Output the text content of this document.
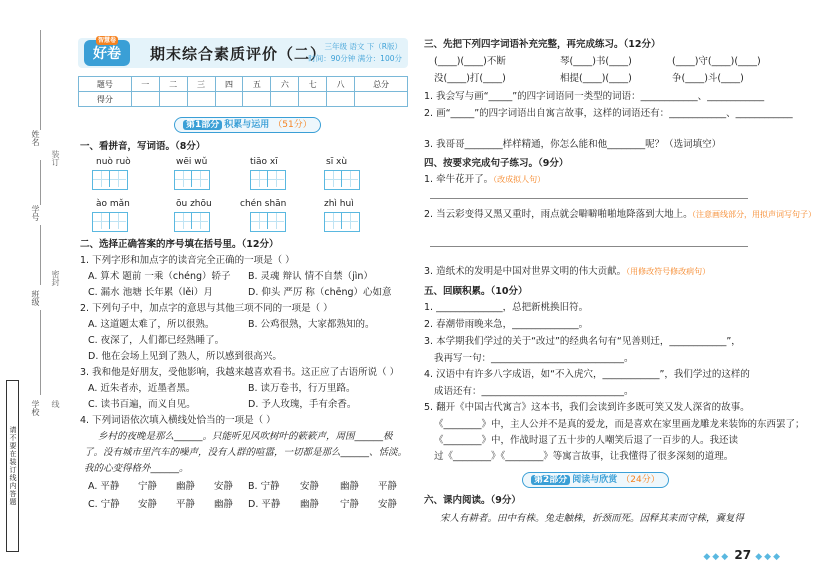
姓名
学号
班级
学校
请不要在装订线内答题
装订
密封
线
智慧卷
好卷	期末综合素质评价（二）
三年级 语文 下（R版）
时间：90分钟 满分：100分
题号	一	二	三	四	五	六	七	八	总分
得分									
第1部分 积累与运用 （51分）
一、看拼音，写词语。（8分）
nuò ruò	wēi wǔ	tiāo xī	sī xù
ào mǎn	ōu zhōu	chén shān	zhì huì
二、选择正确答案的序号填在括号里。（12分）
1. 下列字形和加点字的读音完全正确的一项是（ ）
A. 算术 题前 一乘（chéng）轿子 B. 灵魂 辩认 情不自禁（jìn）
C. 漏水 池塘 长年累（lěi）月	D. 仰头 严厉 称（chēng）心如意
2. 下列句子中，加点字的意思与其他三项不同的一项是（ ）
A. 这道题太难了，所以很熟。	B. 公鸡很熟，大家都熟知的。
C. 夜深了，人们都已经熟睡了。
D. 他在会场上见到了熟人，所以感到很高兴。
3. 我和他是好朋友，受他影响，我越来越喜欢看书。这正应了古语所说（ ）
A. 近朱者赤，近墨者黑。	B. 读万卷书，行万里路。
C. 读书百遍，而义自见。	D. 予人玫瑰，手有余香。
4. 下列词语依次填入横线处恰当的一项是（ ）
乡村的夜晚是那么______。只能听见风吹树叶的簌簌声，周围______极
了。没有城市里汽车的噪声，没有人群的喧嚣，一切都是那么______、恬淡。
我的心变得格外______。
A. 平静 宁静 幽静 安静 B. 宁静 安静 幽静 平静
C. 宁静 安静 平静 幽静 D. 平静 幽静 宁静 安静
三、先把下列四字词语补充完整，再完成练习。（12分）
(____)(____)不断	琴(____)书(____)	(____)守(____)(____)
没(____)打(____)	相提(____)(____)	争(____)斗(____)
1. 我会写与画“_____”的四字词语同一类型的词语：____________、____________
2. 画“_____”的四字词语出自寓言故事，这样的词语还有：____________、____________
3. 我哥哥________样样精通，你怎么能和他________呢？（选词填空）
四、按要求完成句子练习。（9分）
1. 牵牛花开了。（改成拟人句）
2. 当云彩变得又黑又重时，雨点就会噼噼啪啪地降落到大地上。
（注意画线部分，用拟声词写句子）
3. 造纸术的发明是中国对世界文明的伟大贡献。（用修改符号修改病句）
五、回顾积累。（10分）
1. ______________，总把新桃换旧符。
2. 春潮带雨晚来急，______________。
3. 本学期我们学过的关于“改过”的经典名句有“见善则迁，____________”，
我再写一句：____________________________。
4. 汉语中有许多八字成语，如“不入虎穴，____________”，我们学过的这样的
成语还有：______________________________。
5. 翻开《中国古代寓言》这本书，我们会读到许多既可笑又发人深省的故事。
《________》中，主人公并不是真的爱龙，而是喜欢在家里画龙雕龙来装饰的东西罢了；
《________》中，作战时退了五十步的人嘲笑后退了一百步的人。我还读
过《________》《________》等寓言故事，让我懂得了很多深刻的道理。
第2部分 阅读与欣赏 （24分）
六、课内阅读。（9分）
宋人有耕者。田中有株。兔走触株，折颈而死。因释其耒而守株，冀复得
◆◆◆ 27 ◆◆◆
